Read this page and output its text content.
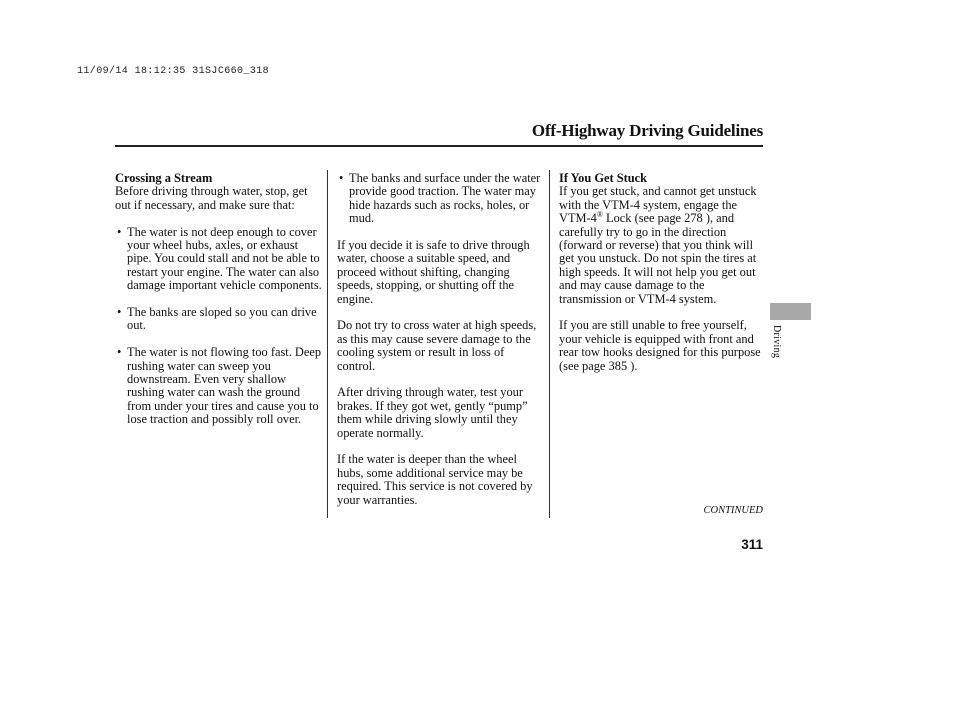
11/09/14 18:12:35 31SJC660_318
Off-Highway Driving Guidelines
Crossing a Stream

Before driving through water, stop, get out if necessary, and make sure that:

• The water is not deep enough to cover your wheel hubs, axles, or exhaust pipe. You could stall and not be able to restart your engine. The water can also damage important vehicle components.
• The banks are sloped so you can drive out.
• The water is not flowing too fast. Deep rushing water can sweep you downstream. Even very shallow rushing water can wash the ground from under your tires and cause you to lose traction and possibly roll over.
• The banks and surface under the water provide good traction. The water may hide hazards such as rocks, holes, or mud.

If you decide it is safe to drive through water, choose a suitable speed, and proceed without shifting, changing speeds, stopping, or shutting off the engine.

Do not try to cross water at high speeds, as this may cause severe damage to the cooling system or result in loss of control.

After driving through water, test your brakes. If they got wet, gently “pump” them while driving slowly until they operate normally.

If the water is deeper than the wheel hubs, some additional service may be required. This service is not covered by your warranties.

If You Get Stuck

If you get stuck, and cannot get unstuck with the VTM-4 system, engage the VTM-4® Lock (see page 278 ), and carefully try to go in the direction (forward or reverse) that you think will get you unstuck. Do not spin the tires at high speeds. It will not help you get out and may cause damage to the transmission or VTM-4 system.

If you are still unable to free yourself, your vehicle is equipped with front and rear tow hooks designed for this purpose (see page 385 ).

Driving
CONTINUED
311
